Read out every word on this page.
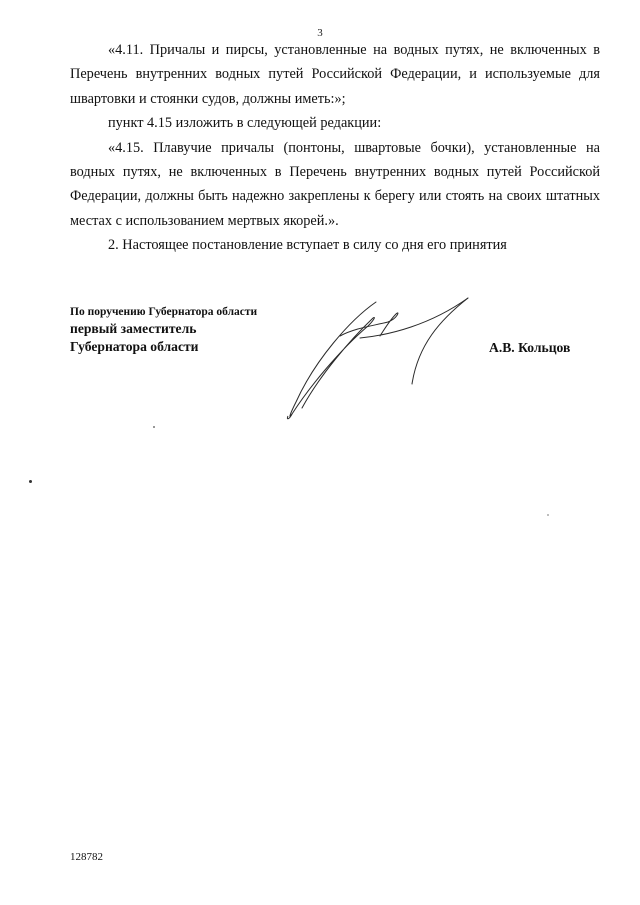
3

«4.11. Причалы и пирсы, установленные на водных путях, не включенных в Перечень внутренних водных путей Российской Федерации, и используемые для швартовки и стоянки судов, должны иметь:»;

пункт 4.15 изложить в следующей редакции:

«4.15. Плавучие причалы (понтоны, швартовые бочки), установленные на водных путях, не включенных в Перечень внутренних водных путей Российской Федерации, должны быть надежно закреплены к берегу или стоять на своих штатных местах с использованием мертвых якорей.».

2. Настоящее постановление вступает в силу со дня его принятия

По поручению Губернатора области
первый заместитель
Губернатора области	А.В. Кольцов
128782
